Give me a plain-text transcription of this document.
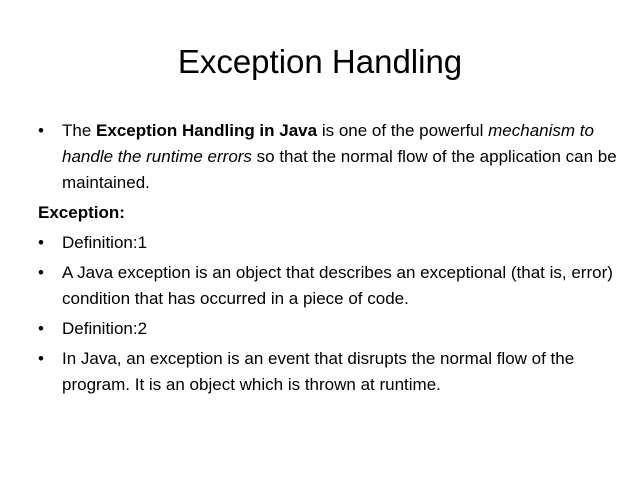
Exception Handling
• The Exception Handling in Java is one of the powerful mechanism to handle the runtime errors so that the normal flow of the application can be maintained.
Exception:
• Definition:1
• A Java exception is an object that describes an exceptional (that is, error) condition that has occurred in a piece of code.
• Definition:2
• In Java, an exception is an event that disrupts the normal flow of the program. It is an object which is thrown at runtime.
